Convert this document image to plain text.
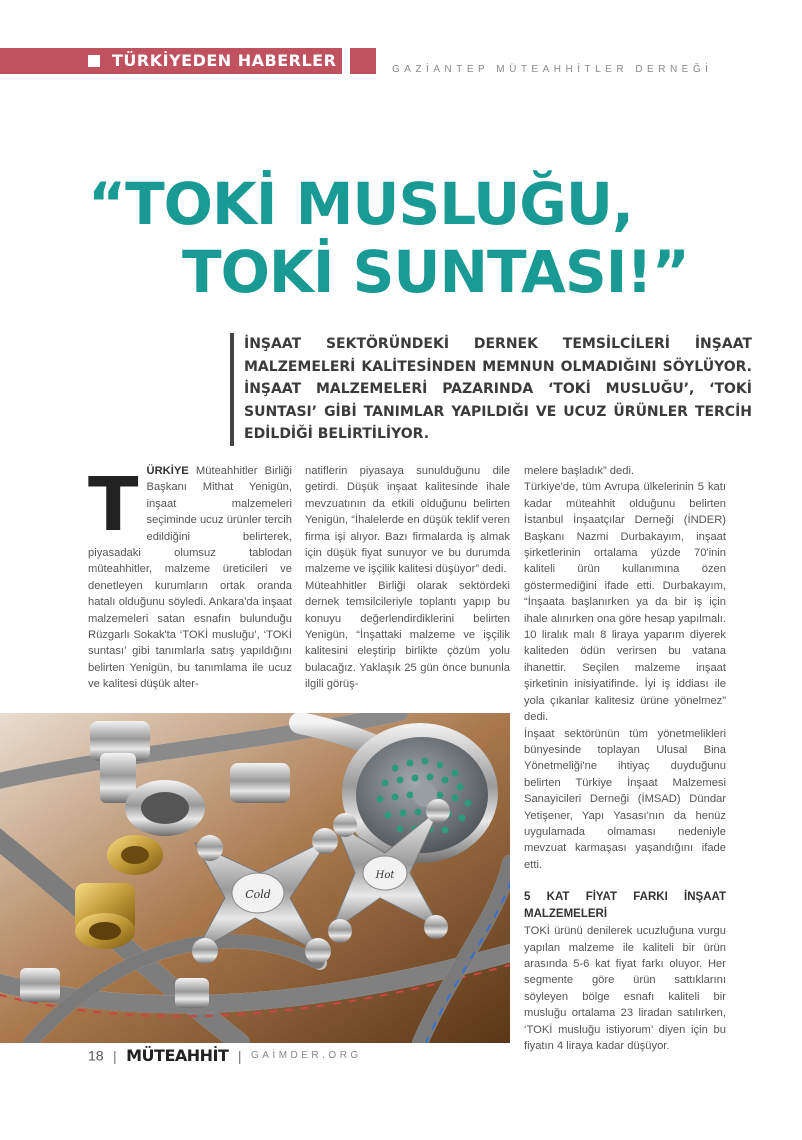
TÜRKİYEDEN HABERLER	GAZİANTEP MÜTEAHHİTLER DERNEĞİ
“TOKİ MUSLUĞU,
TOKİ SUNTASI!”
İNŞAAT SEKTÖRÜNDEKİ DERNEK TEMSİLCİLERİ İNŞAAT MALZEMELERİ KALİTESİNDEN MEMNUN OLMADIĞINI SÖYLÜYOR. İNŞAAT MALZEMELERİ PAZARINDA ‘TOKİ MUSLUĞU’, ‘TOKİ SUNTASI’ GİBİ TANIMLAR YAPILDIĞI VE UCUZ ÜRÜNLER TERCİH EDİLDİĞİ BELİRTİLİYOR.
T ÜRKİYE Müteahhitler Birliği Başkanı Mithat Yenigün, inşaat malzemeleri seçiminde ucuz ürünler tercih edildiğini belirterek, piyasadaki olumsuz tablodan müteahhitler, malzeme üreticileri ve denetleyen kurumların ortak oranda hatalı olduğunu söyledi. Ankara'da inşaat malzemeleri satan esnafın bulunduğu Rüzgarlı Sokak'ta ‘TOKİ musluğu’, ‘TOKİ suntası’ gibi tanımlarla satış yapıldığını belirten Yenigün, bu tanımlama ile ucuz ve kalitesi düşük alter-

natiflerin piyasaya sunulduğunu dile getirdi. Düşük inşaat kalitesinde ihale mevzuatının da etkili olduğunu belirten Yenigün, “İhalelerde en düşük teklif veren firma işi alıyor. Bazı firmalarda iş almak için düşük fiyat sunuyor ve bu durumda malzeme ve işçilik kalitesi düşüyor” dedi.

Müteahhitler Birliği olarak sektördeki dernek temsilcileriyle toplantı yapıp bu konuyu değerlendirdiklerini belirten Yenigün, “İnşattaki malzeme ve işçilik kalitesini eleştirip birlikte çözüm yolu bulacağız. Yaklaşık 25 gün önce bununla ilgili görüş-

melere başladık” dedi.

Türkiye'de, tüm Avrupa ülkelerinin 5 katı kadar müteahhit olduğunu belirten İstanbul İnşaatçılar Derneği (İNDER) Başkanı Nazmi Durbakayım, inşaat şirketlerinin ortalama yüzde 70'inin kaliteli ürün kullanımına özen göstermediğini ifade etti. Durbakayım, “İnşaata başlanırken ya da bir iş için ihale alınırken ona göre hesap yapılmalı. 10 liralık malı 8 liraya yaparım diyerek kaliteden ödün verirsen bu vatana ihanettir. Seçilen malzeme inşaat şirketinin inisiyatifinde. İyi iş iddiası ile yola çıkanlar kalitesiz ürüne yönelmez” dedi.

İnşaat sektörünün tüm yönetmelikleri bünyesinde toplayan Ulusal Bina Yönetmeliği'ne ihtiyaç duyduğunu belirten Türkiye İnşaat Malzemesi Sanayicileri Derneği (İMSAD) Dündar Yetişener, Yapı Yasası'nın da henüz uygulamada olmaması nedeniyle mevzuat karmaşası yaşandığını ifade etti.

5 KAT FİYAT FARKI İNŞAAT MALZEMELERİ

TOKİ ürünü denilerek ucuzluğuna vurgu yapılan malzeme ile kaliteli bir ürün arasında 5-6 kat fiyat farkı oluyor. Her segmente göre ürün sattıklarını söyleyen bölge esnafı kaliteli bir musluğu ortalama 23 liradan satılırken, ‘TOKİ musluğu istiyorum’ diyen için bu fiyatın 4 liraya kadar düşüyor.

Cold
Hot
18 | MÜTEAHHİT | GAİMDER.ORG
